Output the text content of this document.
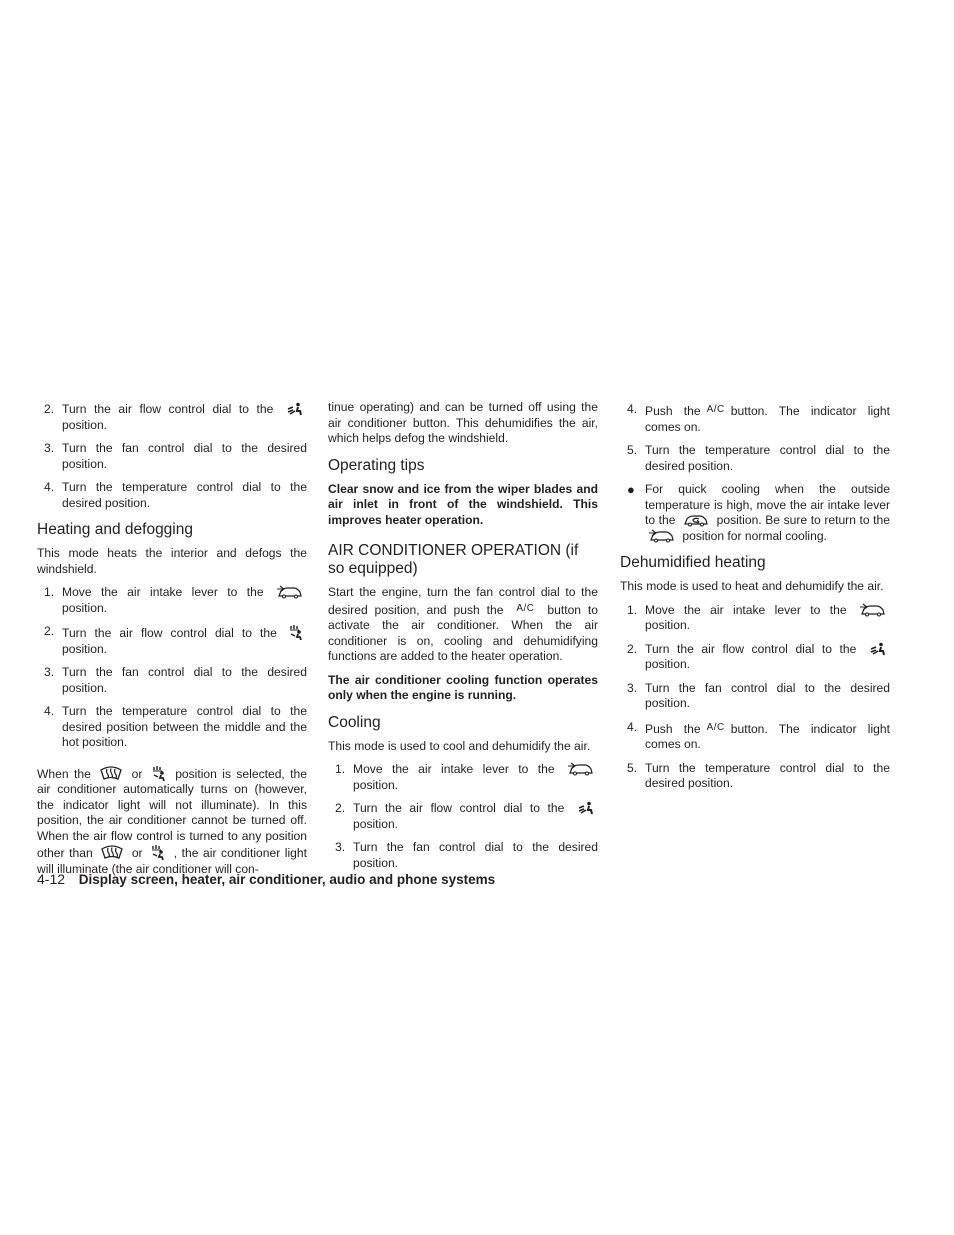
2. Turn the air flow control dial to the
position.
3. Turn the fan control dial to the desired position.
4. Turn the temperature control dial to the desired position.
Heating and defogging
This mode heats the interior and defogs the windshield.
1. Move the air intake lever to the
position.
2. Turn the air flow control dial to the
position.
3. Turn the fan control dial to the desired position.
4. Turn the temperature control dial to the desired position between the middle and the hot position.
When the	or	position is selected, the air conditioner automatically turns on (however, the indicator light will not illuminate). In this position, the air conditioner cannot be turned off. When the air flow control is turned to any position other than	or	, the air conditioner light will illuminate (the air conditioner will con-
tinue operating) and can be turned off using the air conditioner button. This dehumidifies the air, which helps defog the windshield.
Operating tips
Clear snow and ice from the wiper blades and air inlet in front of the windshield. This improves heater operation.
AIR CONDITIONER OPERATION (if so equipped)
Start the engine, turn the fan control dial to the desired position, and push the A/C button to activate the air conditioner. When the air conditioner is on, cooling and dehumidifying functions are added to the heater operation.
The air conditioner cooling function operates only when the engine is running.
Cooling
This mode is used to cool and dehumidify the air.
1. Move the air intake lever to the
position.
2. Turn the air flow control dial to the
position.
3. Turn the fan control dial to the desired position.
4. Push the A/C button. The indicator light comes on.
5. Turn the temperature control dial to the desired position.
● For quick cooling when the outside temperature is high, move the air intake lever to the	position. Be sure to return to the
position for normal cooling.
Dehumidified heating
This mode is used to heat and dehumidify the air.
1. Move the air intake lever to the
position.
2. Turn the air flow control dial to the
position.
3. Turn the fan control dial to the desired position.
4. Push the A/C button. The indicator light comes on.
5. Turn the temperature control dial to the desired position.
4-12 Display screen, heater, air conditioner, audio and phone systems
